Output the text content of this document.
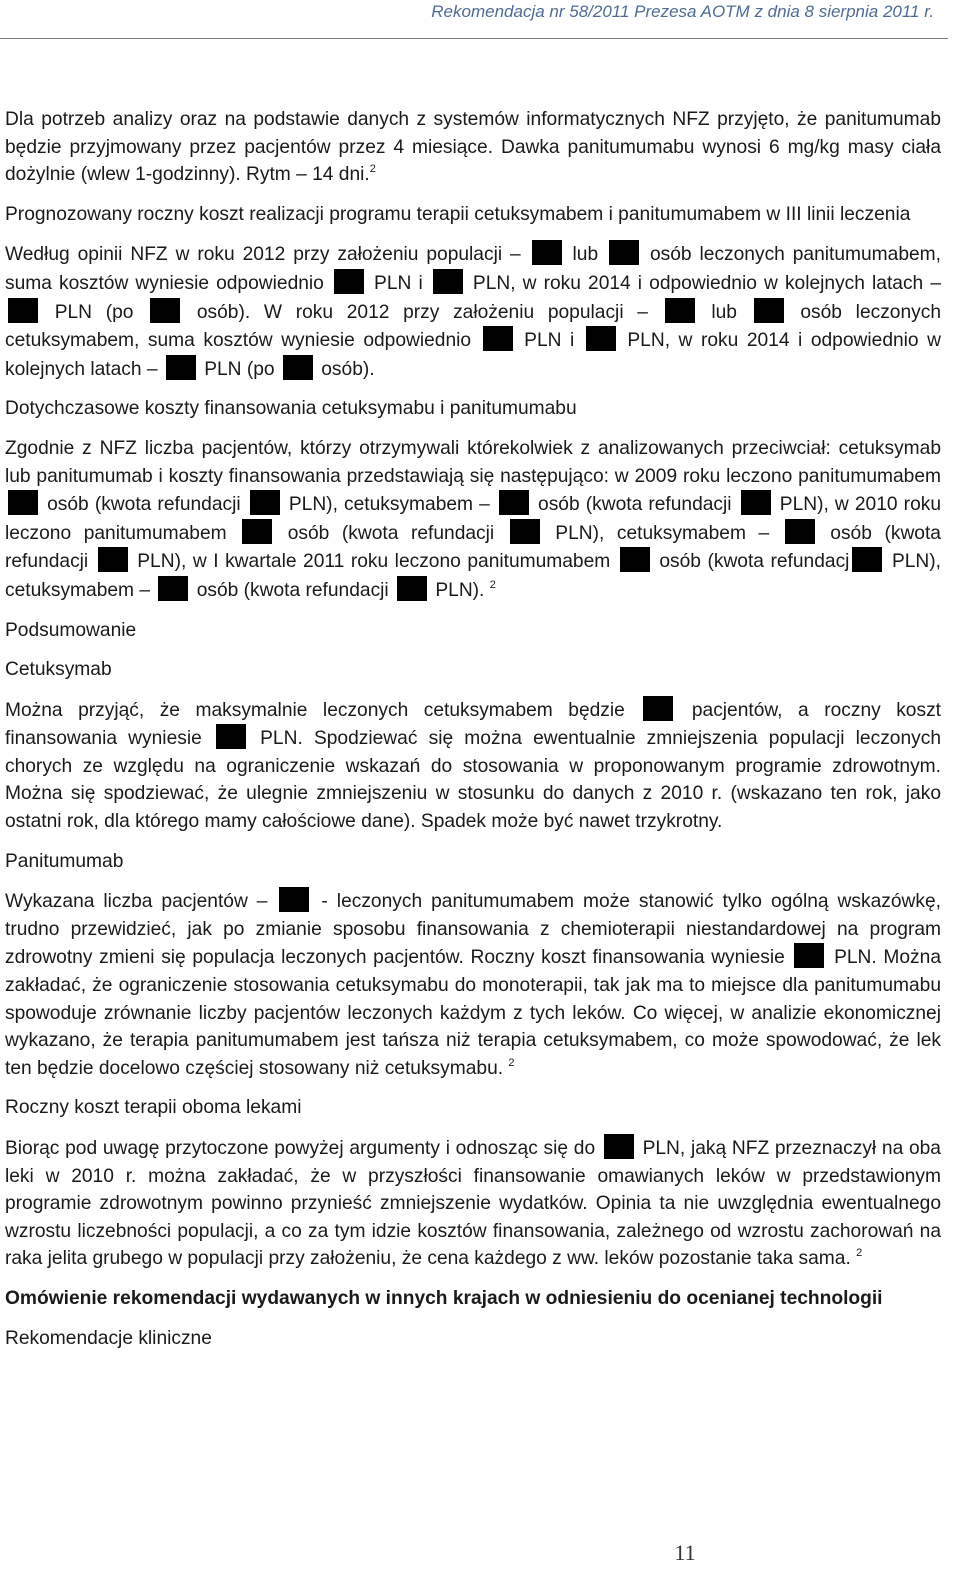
Rekomendacja nr 58/2011 Prezesa AOTM z dnia 8 sierpnia 2011 r.
Dla potrzeb analizy oraz na podstawie danych z systemów informatycznych NFZ przyjęto, że panitumumab będzie przyjmowany przez pacjentów przez 4 miesiące. Dawka panitumumabu wynosi 6 mg/kg masy ciała dożylnie (wlew 1-godzinny). Rytm – 14 dni.$^2$
Prognozowany roczny koszt realizacji programu terapii cetuksymabem i panitumumabem w III linii leczenia
Według opinii NFZ w roku 2012 przy założeniu populacji –  lub  osób leczonych panitumumabem, suma kosztów wyniesie odpowiednio  PLN i  PLN, w roku 2014 i odpowiednio w kolejnych latach –  PLN (po  osób). W roku 2012 przy założeniu populacji –  lub  osób leczonych cetuksymabem, suma kosztów wyniesie odpowiednio  PLN i  PLN, w roku 2014 i odpowiednio w kolejnych latach –  PLN (po  osób).
Dotychczasowe koszty finansowania cetuksymabu i panitumumabu
Zgodnie z NFZ liczba pacjentów, którzy otrzymywali którekolwiek z analizowanych przeciwciał: cetuksymab lub panitumumab i koszty finansowania przedstawiają się następująco: w 2009 roku leczono panitumumabem  osób (kwota refundacji  PLN), cetuksymabem –  osób (kwota refundacji  PLN), w 2010 roku leczono panitumumabem  osób (kwota refundacji  PLN), cetuksymabem –  osób (kwota refundacji  PLN), w I kwartale 2011 roku leczono panitumumabem  osób (kwota refundacj PLN), cetuksymabem –  osób (kwota refundacji  PLN). $^2$
Podsumowanie
Cetuksymab
Można przyjąć, że maksymalnie leczonych cetuksymabem będzie  pacjentów, a roczny koszt finansowania wyniesie  PLN. Spodziewać się można ewentualnie zmniejszenia populacji leczonych chorych ze względu na ograniczenie wskazań do stosowania w proponowanym programie zdrowotnym. Można się spodziewać, że ulegnie zmniejszeniu w stosunku do danych z 2010 r. (wskazano ten rok, jako ostatni rok, dla którego mamy całościowe dane). Spadek może być nawet trzykrotny.
Panitumumab
Wykazana liczba pacjentów –  - leczonych panitumumabem może stanowić tylko ogólną wskazówkę, trudno przewidzieć, jak po zmianie sposobu finansowania z chemioterapii niestandardowej na program zdrowotny zmieni się populacja leczonych pacjentów. Roczny koszt finansowania wyniesie  PLN. Można zakładać, że ograniczenie stosowania cetuksymabu do monoterapii, tak jak ma to miejsce dla panitumumabu spowoduje zrównanie liczby pacjentów leczonych każdym z tych leków. Co więcej, w analizie ekonomicznej wykazano, że terapia panitumumabem jest tańsza niż terapia cetuksymabem, co może spowodować, że lek ten będzie docelowo częściej stosowany niż cetuksymabu. $^2$
Roczny koszt terapii oboma lekami
Biorąc pod uwagę przytoczone powyżej argumenty i odnosząc się do  PLN, jaką NFZ przeznaczył na oba leki w 2010 r. można zakładać, że w przyszłości finansowanie omawianych leków w przedstawionym programie zdrowotnym powinno przynieść zmniejszenie wydatków. Opinia ta nie uwzględnia ewentualnego wzrostu liczebności populacji, a co za tym idzie kosztów finansowania, zależnego od wzrostu zachorowań na raka jelita grubego w populacji przy założeniu, że cena każdego z ww. leków pozostanie taka sama. $^2$
Omówienie rekomendacji wydawanych w innych krajach w odniesieniu do ocenianej technologii
Rekomendacje kliniczne
11
